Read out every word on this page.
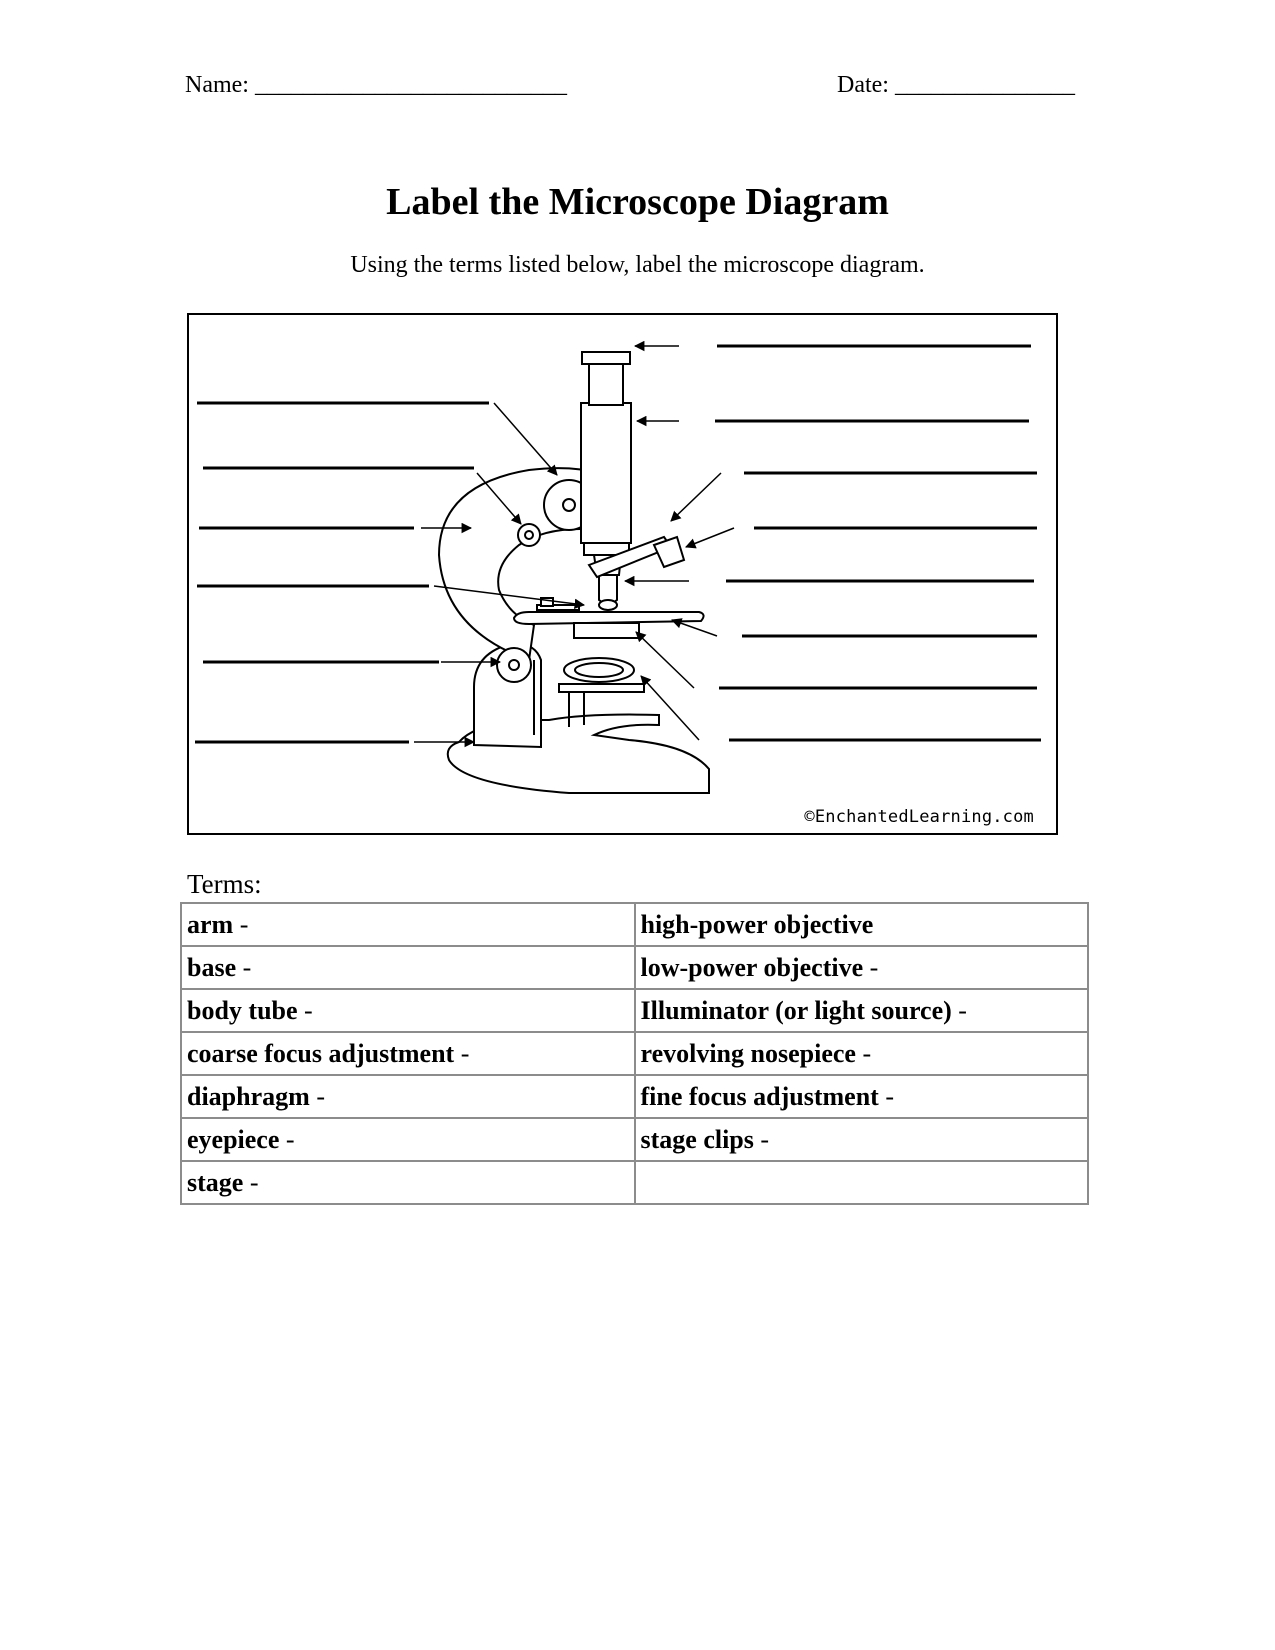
Name: __________________________	Date: _______________
Label the Microscope Diagram
Using the terms listed below, label the microscope diagram.
©EnchantedLearning.com
Terms:
arm -	high-power objective
base -	low-power objective -
body tube -	Illuminator (or light source) -
coarse focus adjustment -	revolving nosepiece -
diaphragm -	fine focus adjustment -
eyepiece -	stage clips -
stage -	
